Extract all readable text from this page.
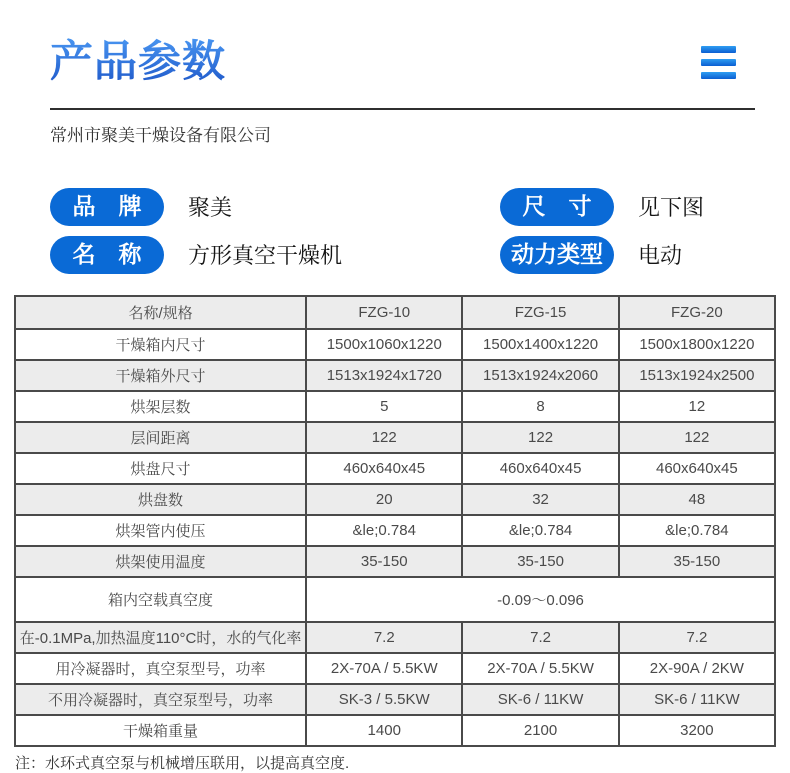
产品参数

常州市聚美干燥设备有限公司

品　牌	聚美	尺　寸	见下图
名　称	方形真空干燥机	动力类型	电动
名称/规格	FZG-10	FZG-15	FZG-20
干燥箱内尺寸	1500x1060x1220	1500x1400x1220	1500x1800x1220
干燥箱外尺寸	1513x1924x1720	1513x1924x2060	1513x1924x2500
烘架层数	5	8	12
层间距离	122	122	122
烘盘尺寸	460x640x45	460x640x45	460x640x45
烘盘数	20	32	48
烘架管内使压	&le;0.784	&le;0.784	&le;0.784
烘架使用温度	35-150	35-150	35-150
箱内空载真空度	-0.09～0.096		
在-0.1MPa,加热温度110°C时，水的气化率	7.2	7.2	7.2
用冷凝器时，真空泵型号，功率	2X-70A / 5.5KW	2X-70A / 5.5KW	2X-90A / 2KW
不用冷凝器时，真空泵型号，功率	SK-3 / 5.5KW	SK-6 / 11KW	SK-6 / 11KW
干燥箱重量	1400	2100	3200

注：水环式真空泵与机械增压联用，以提高真空度.
